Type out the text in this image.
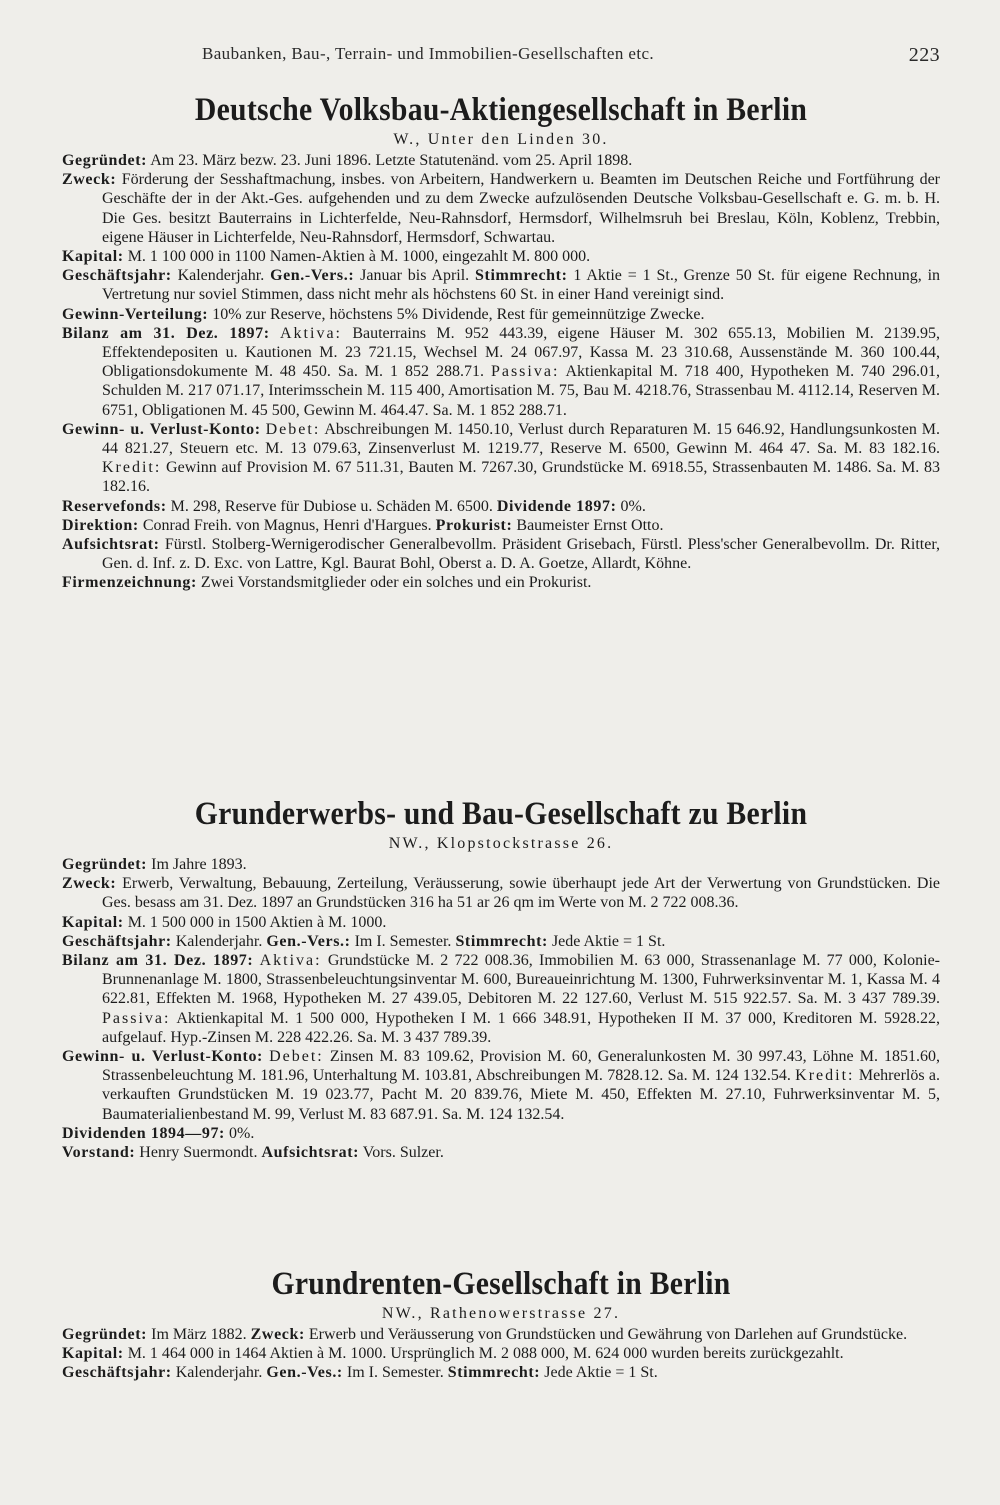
Baubanken, Bau-, Terrain- und Immobilien-Gesellschaften etc.	223
Deutsche Volksbau-Aktiengesellschaft in Berlin
W., Unter den Linden 30.

Gegründet: Am 23. März bezw. 23. Juni 1896. Letzte Statutenänd. vom 25. April 1898.

Zweck: Förderung der Sesshaftmachung, insbes. von Arbeitern, Handwerkern u. Beamten im Deutschen Reiche und Fortführung der Geschäfte der in der Akt.-Ges. aufgehenden und zu dem Zwecke aufzulösenden Deutsche Volksbau-Gesellschaft e. G. m. b. H. Die Ges. besitzt Bauterrains in Lichterfelde, Neu-Rahnsdorf, Hermsdorf, Wilhelmsruh bei Breslau, Köln, Koblenz, Trebbin, eigene Häuser in Lichterfelde, Neu-Rahnsdorf, Hermsdorf, Schwartau.

Kapital: M. 1 100 000 in 1100 Namen-Aktien à M. 1000, eingezahlt M. 800 000.

Geschäftsjahr: Kalenderjahr. Gen.-Vers.: Januar bis April. Stimmrecht: 1 Aktie = 1 St., Grenze 50 St. für eigene Rechnung, in Vertretung nur soviel Stimmen, dass nicht mehr als höchstens 60 St. in einer Hand vereinigt sind.

Gewinn-Verteilung: 10% zur Reserve, höchstens 5% Dividende, Rest für gemeinnützige Zwecke.

Bilanz am 31. Dez. 1897: Aktiva: Bauterrains M. 952 443.39, eigene Häuser M. 302 655.13, Mobilien M. 2139.95, Effektendepositen u. Kautionen M. 23 721.15, Wechsel M. 24 067.97, Kassa M. 23 310.68, Aussenstände M. 360 100.44, Obligationsdokumente M. 48 450. Sa. M. 1 852 288.71. Passiva: Aktienkapital M. 718 400, Hypotheken M. 740 296.01, Schulden M. 217 071.17, Interimsschein M. 115 400, Amortisation M. 75, Bau M. 4218.76, Strassenbau M. 4112.14, Reserven M. 6751, Obligationen M. 45 500, Gewinn M. 464.47. Sa. M. 1 852 288.71.

Gewinn- u. Verlust-Konto: Debet: Abschreibungen M. 1450.10, Verlust durch Reparaturen M. 15 646.92, Handlungsunkosten M. 44 821.27, Steuern etc. M. 13 079.63, Zinsenverlust M. 1219.77, Reserve M. 6500, Gewinn M. 464 47. Sa. M. 83 182.16. Kredit: Gewinn auf Provision M. 67 511.31, Bauten M. 7267.30, Grundstücke M. 6918.55, Strassenbauten M. 1486. Sa. M. 83 182.16.

Reservefonds: M. 298, Reserve für Dubiose u. Schäden M. 6500. Dividende 1897: 0%.

Direktion: Conrad Freih. von Magnus, Henri d'Hargues. Prokurist: Baumeister Ernst Otto.

Aufsichtsrat: Fürstl. Stolberg-Wernigerodischer Generalbevollm. Präsident Grisebach, Fürstl. Pless'scher Generalbevollm. Dr. Ritter, Gen. d. Inf. z. D. Exc. von Lattre, Kgl. Baurat Bohl, Oberst a. D. A. Goetze, Allardt, Köhne.

Firmenzeichnung: Zwei Vorstandsmitglieder oder ein solches und ein Prokurist.

Grunderwerbs- und Bau-Gesellschaft zu Berlin
NW., Klopstockstrasse 26.

Gegründet: Im Jahre 1893.

Zweck: Erwerb, Verwaltung, Bebauung, Zerteilung, Veräusserung, sowie überhaupt jede Art der Verwertung von Grundstücken. Die Ges. besass am 31. Dez. 1897 an Grundstücken 316 ha 51 ar 26 qm im Werte von M. 2 722 008.36.

Kapital: M. 1 500 000 in 1500 Aktien à M. 1000.

Geschäftsjahr: Kalenderjahr. Gen.-Vers.: Im I. Semester. Stimmrecht: Jede Aktie = 1 St.

Bilanz am 31. Dez. 1897: Aktiva: Grundstücke M. 2 722 008.36, Immobilien M. 63 000, Strassenanlage M. 77 000, Kolonie-Brunnenanlage M. 1800, Strassenbeleuchtungsinventar M. 600, Bureaueinrichtung M. 1300, Fuhrwerksinventar M. 1, Kassa M. 4 622.81, Effekten M. 1968, Hypotheken M. 27 439.05, Debitoren M. 22 127.60, Verlust M. 515 922.57. Sa. M. 3 437 789.39. Passiva: Aktienkapital M. 1 500 000, Hypotheken I M. 1 666 348.91, Hypotheken II M. 37 000, Kreditoren M. 5928.22, aufgelauf. Hyp.-Zinsen M. 228 422.26. Sa. M. 3 437 789.39.

Gewinn- u. Verlust-Konto: Debet: Zinsen M. 83 109.62, Provision M. 60, Generalunkosten M. 30 997.43, Löhne M. 1851.60, Strassenbeleuchtung M. 181.96, Unterhaltung M. 103.81, Abschreibungen M. 7828.12. Sa. M. 124 132.54. Kredit: Mehrerlös a. verkauften Grundstücken M. 19 023.77, Pacht M. 20 839.76, Miete M. 450, Effekten M. 27.10, Fuhrwerksinventar M. 5, Baumaterialienbestand M. 99, Verlust M. 83 687.91. Sa. M. 124 132.54.

Dividenden 1894—97: 0%.

Vorstand: Henry Suermondt. Aufsichtsrat: Vors. Sulzer.

Grundrenten-Gesellschaft in Berlin
NW., Rathenowerstrasse 27.

Gegründet: Im März 1882. Zweck: Erwerb und Veräusserung von Grundstücken und Gewährung von Darlehen auf Grundstücke.

Kapital: M. 1 464 000 in 1464 Aktien à M. 1000. Ursprünglich M. 2 088 000, M. 624 000 wurden bereits zurückgezahlt.

Geschäftsjahr: Kalenderjahr. Gen.-Ves.: Im I. Semester. Stimmrecht: Jede Aktie = 1 St.
